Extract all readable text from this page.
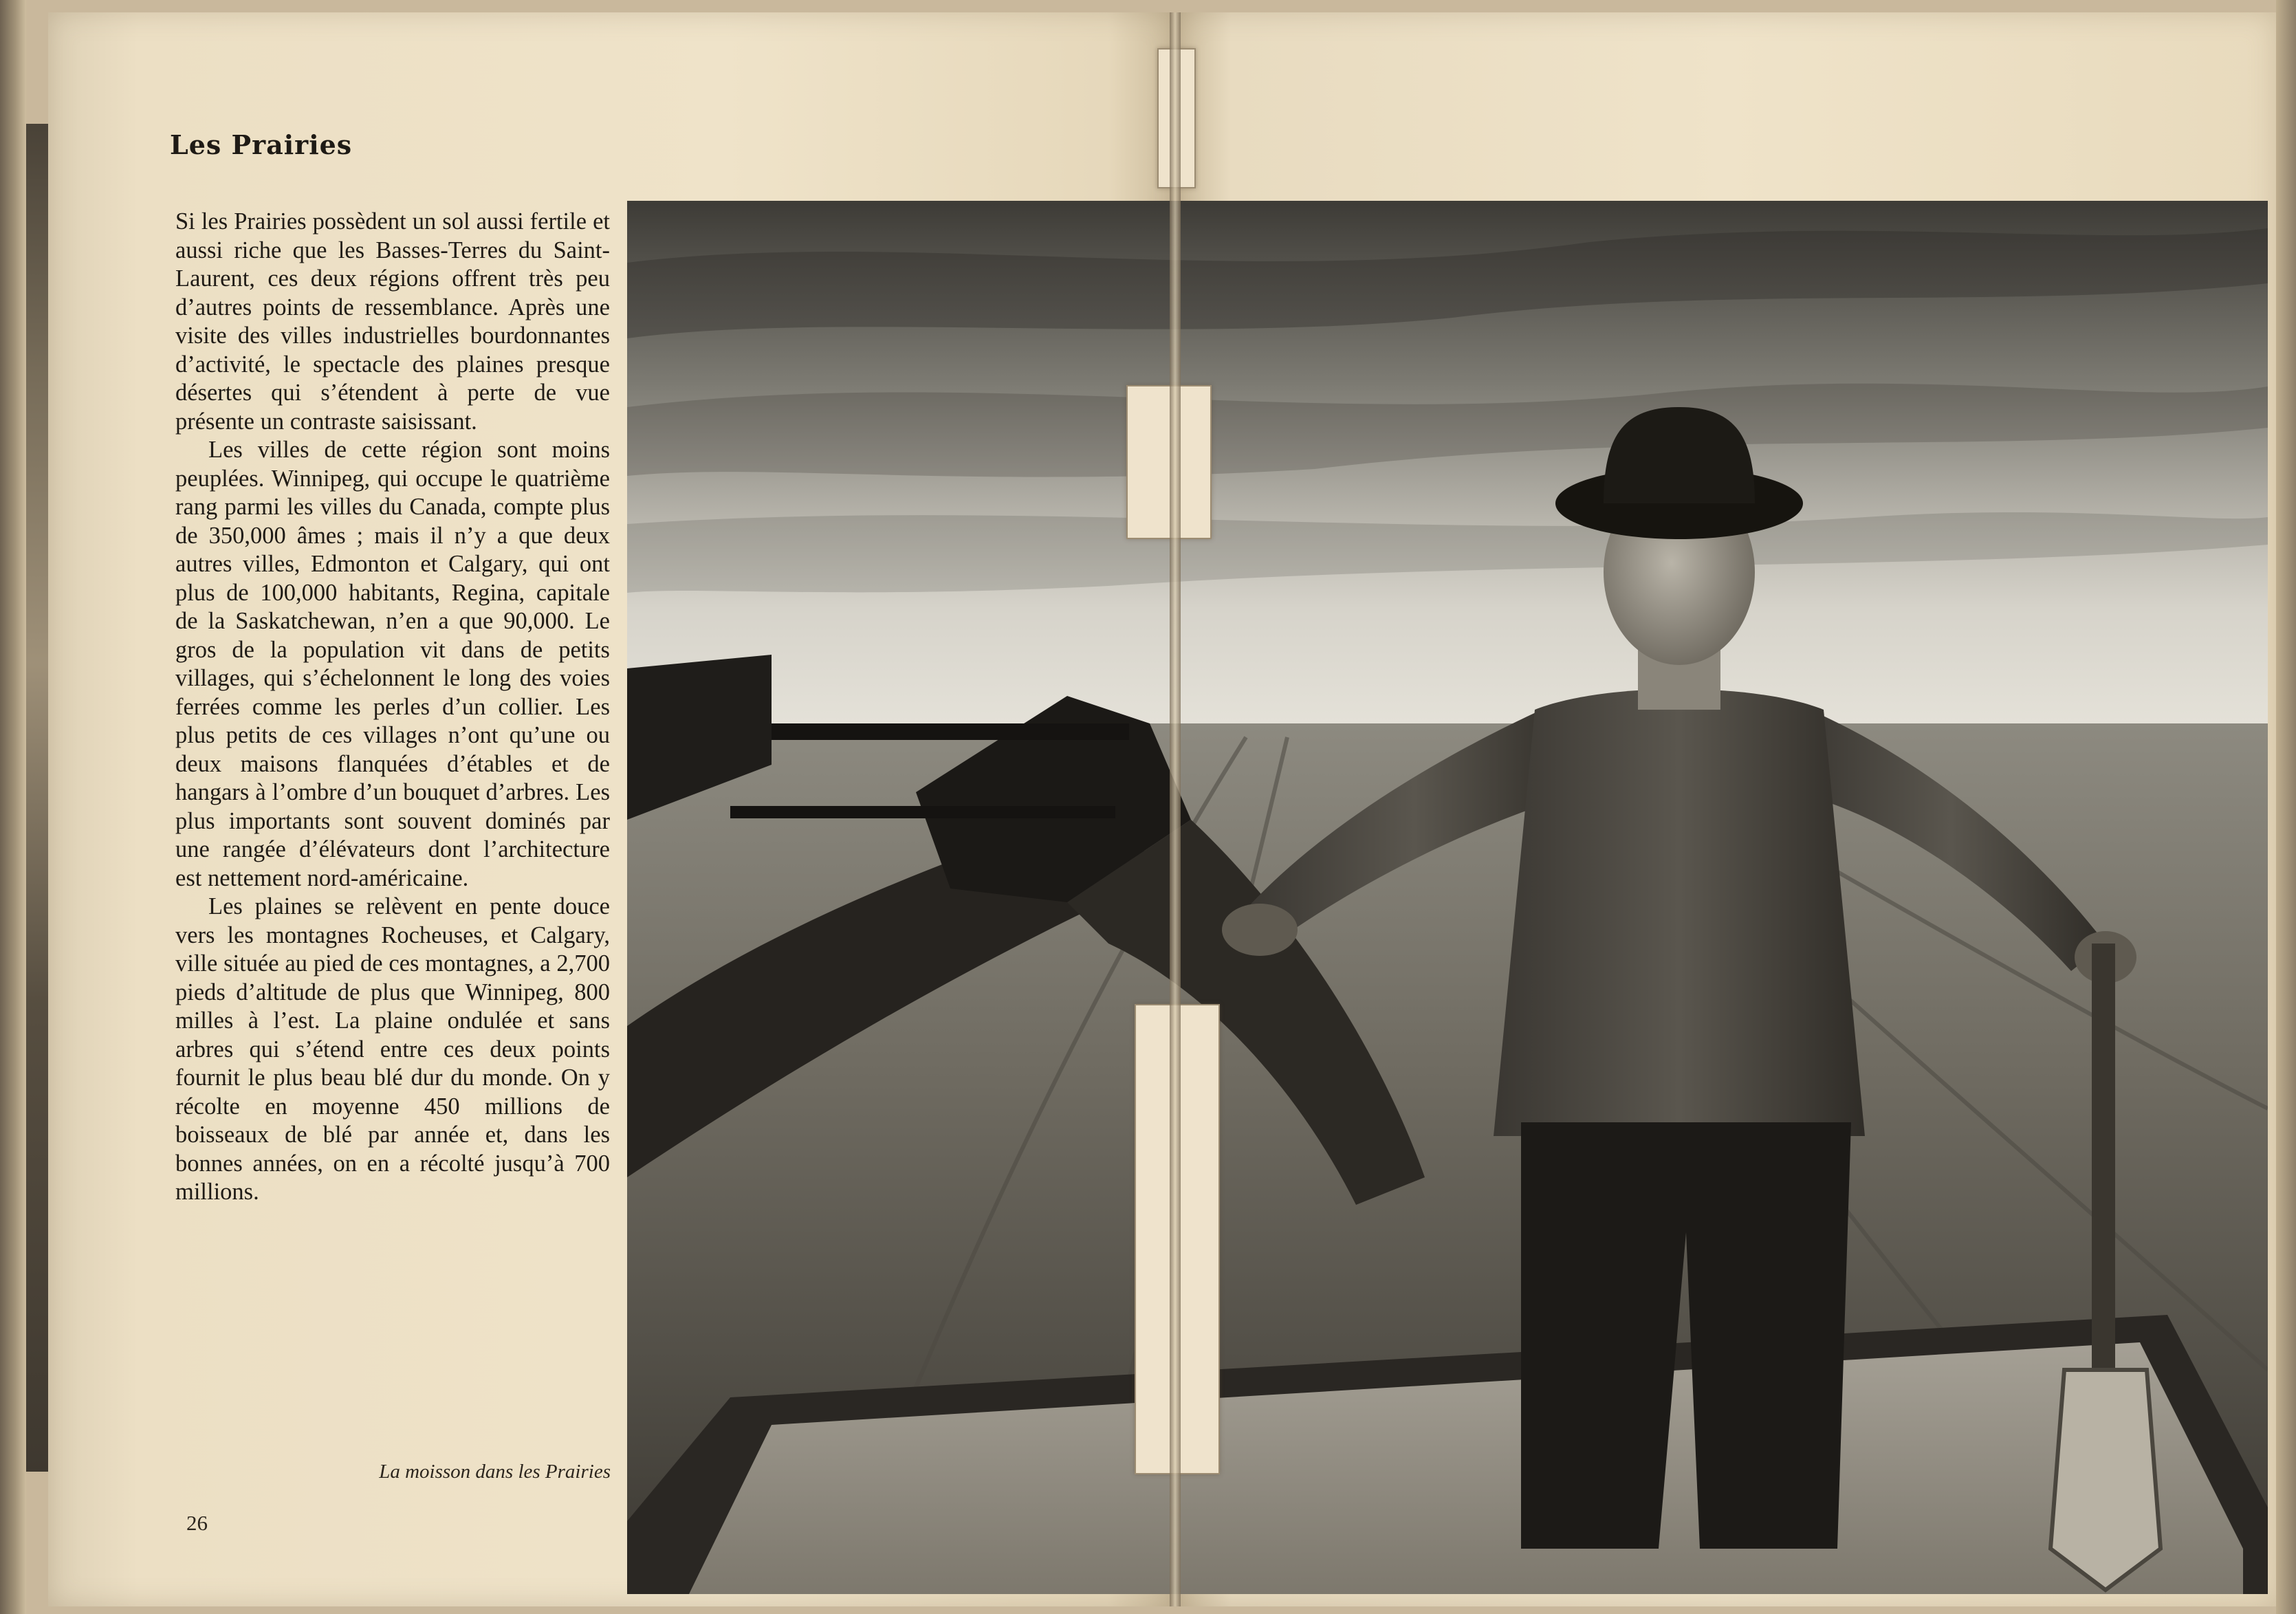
Les Prairies

Si les Prairies possèdent un sol aussi fertile et aussi riche que les Basses-Terres du Saint-Laurent, ces deux régions offrent très peu d’autres points de ressemblance. Après une visite des villes industrielles bourdonnantes d’activité, le spectacle des plaines presque désertes qui s’étendent à perte de vue présente un contraste saisissant.

Les villes de cette région sont moins peuplées. Winnipeg, qui occupe le quatrième rang parmi les villes du Canada, compte plus de 350,000 âmes ; mais il n’y a que deux autres villes, Edmonton et Calgary, qui ont plus de 100,000 habitants, Regina, capitale de la Saskatchewan, n’en a que 90,000. Le gros de la population vit dans de petits villages, qui s’échelonnent le long des voies ferrées comme les perles d’un collier. Les plus petits de ces villages n’ont qu’une ou deux maisons flanquées d’étables et de hangars à l’ombre d’un bouquet d’arbres. Les plus importants sont souvent dominés par une rangée d’élévateurs dont l’architecture est nettement nord-américaine.

Les plaines se relèvent en pente douce vers les montagnes Rocheuses, et Calgary, ville située au pied de ces montagnes, a 2,700 pieds d’altitude de plus que Winnipeg, 800 milles à l’est. La plaine ondulée et sans arbres qui s’étend entre ces deux points fournit le plus beau blé dur du monde. On y récolte en moyenne 450 millions de boisseaux de blé par année et, dans les bonnes années, on en a récolté jusqu’à 700 millions.

La moisson dans les Prairies
26
